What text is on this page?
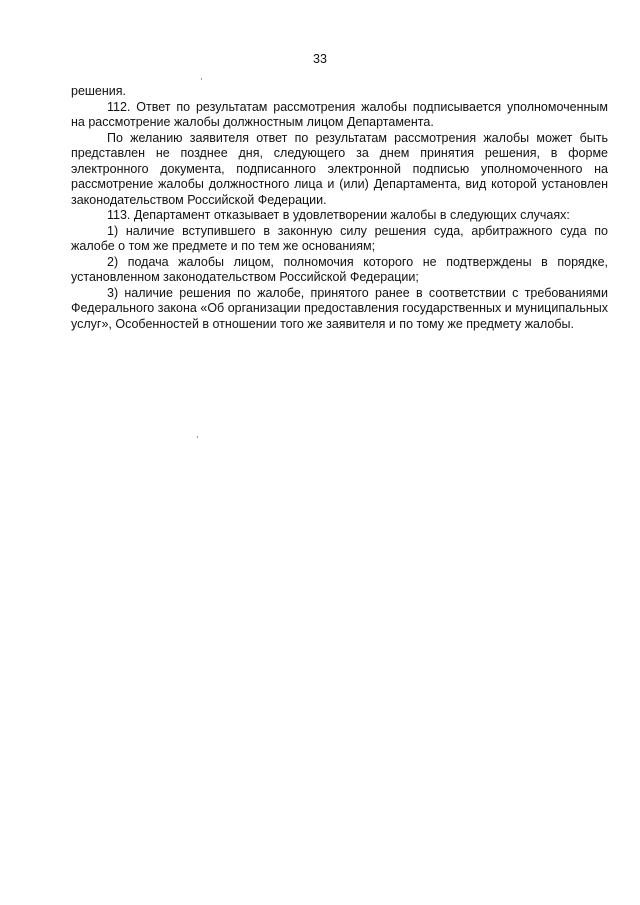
33

решения.

112. Ответ по результатам рассмотрения жалобы подписывается уполномоченным на рассмотрение жалобы должностным лицом Департамента.

По желанию заявителя ответ по результатам рассмотрения жалобы может быть представлен не позднее дня, следующего за днем принятия решения, в форме электронного документа, подписанного электронной подписью уполномоченного на рассмотрение жалобы должностного лица и (или) Департамента, вид которой установлен законодательством Российской Федерации.

113. Департамент отказывает в удовлетворении жалобы в следующих случаях:

1) наличие вступившего в законную силу решения суда, арбитражного суда по жалобе о том же предмете и по тем же основаниям;

2) подача жалобы лицом, полномочия которого не подтверждены в порядке, установленном законодательством Российской Федерации;

3) наличие решения по жалобе, принятого ранее в соответствии с требованиями Федерального закона «Об организации предоставления государственных и муниципальных услуг», Особенностей в отношении того же заявителя и по тому же предмету жалобы.
